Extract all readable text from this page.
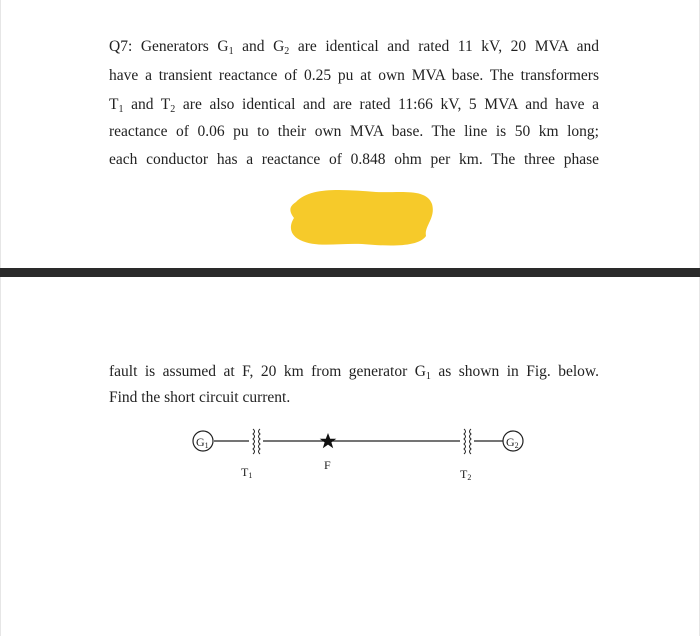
Q7: Generators $G_1$ and $G_2$ are identical and rated 11 kV, 20 MVA and
have a transient reactance of 0.25 pu at own MVA base. The transformers
$T_1$ and $T_2$ are also identical and are rated 11:66 kV, 5 MVA and have a
reactance of 0.06 pu to their own MVA base. The line is 50 km long;
each conductor has a reactance of 0.848 ohm per km. The three phase
fault is assumed at F, 20 km from generator $G_1$ as shown in Fig. below.
Find the short circuit current.
G1
T1
F
T2
G2
